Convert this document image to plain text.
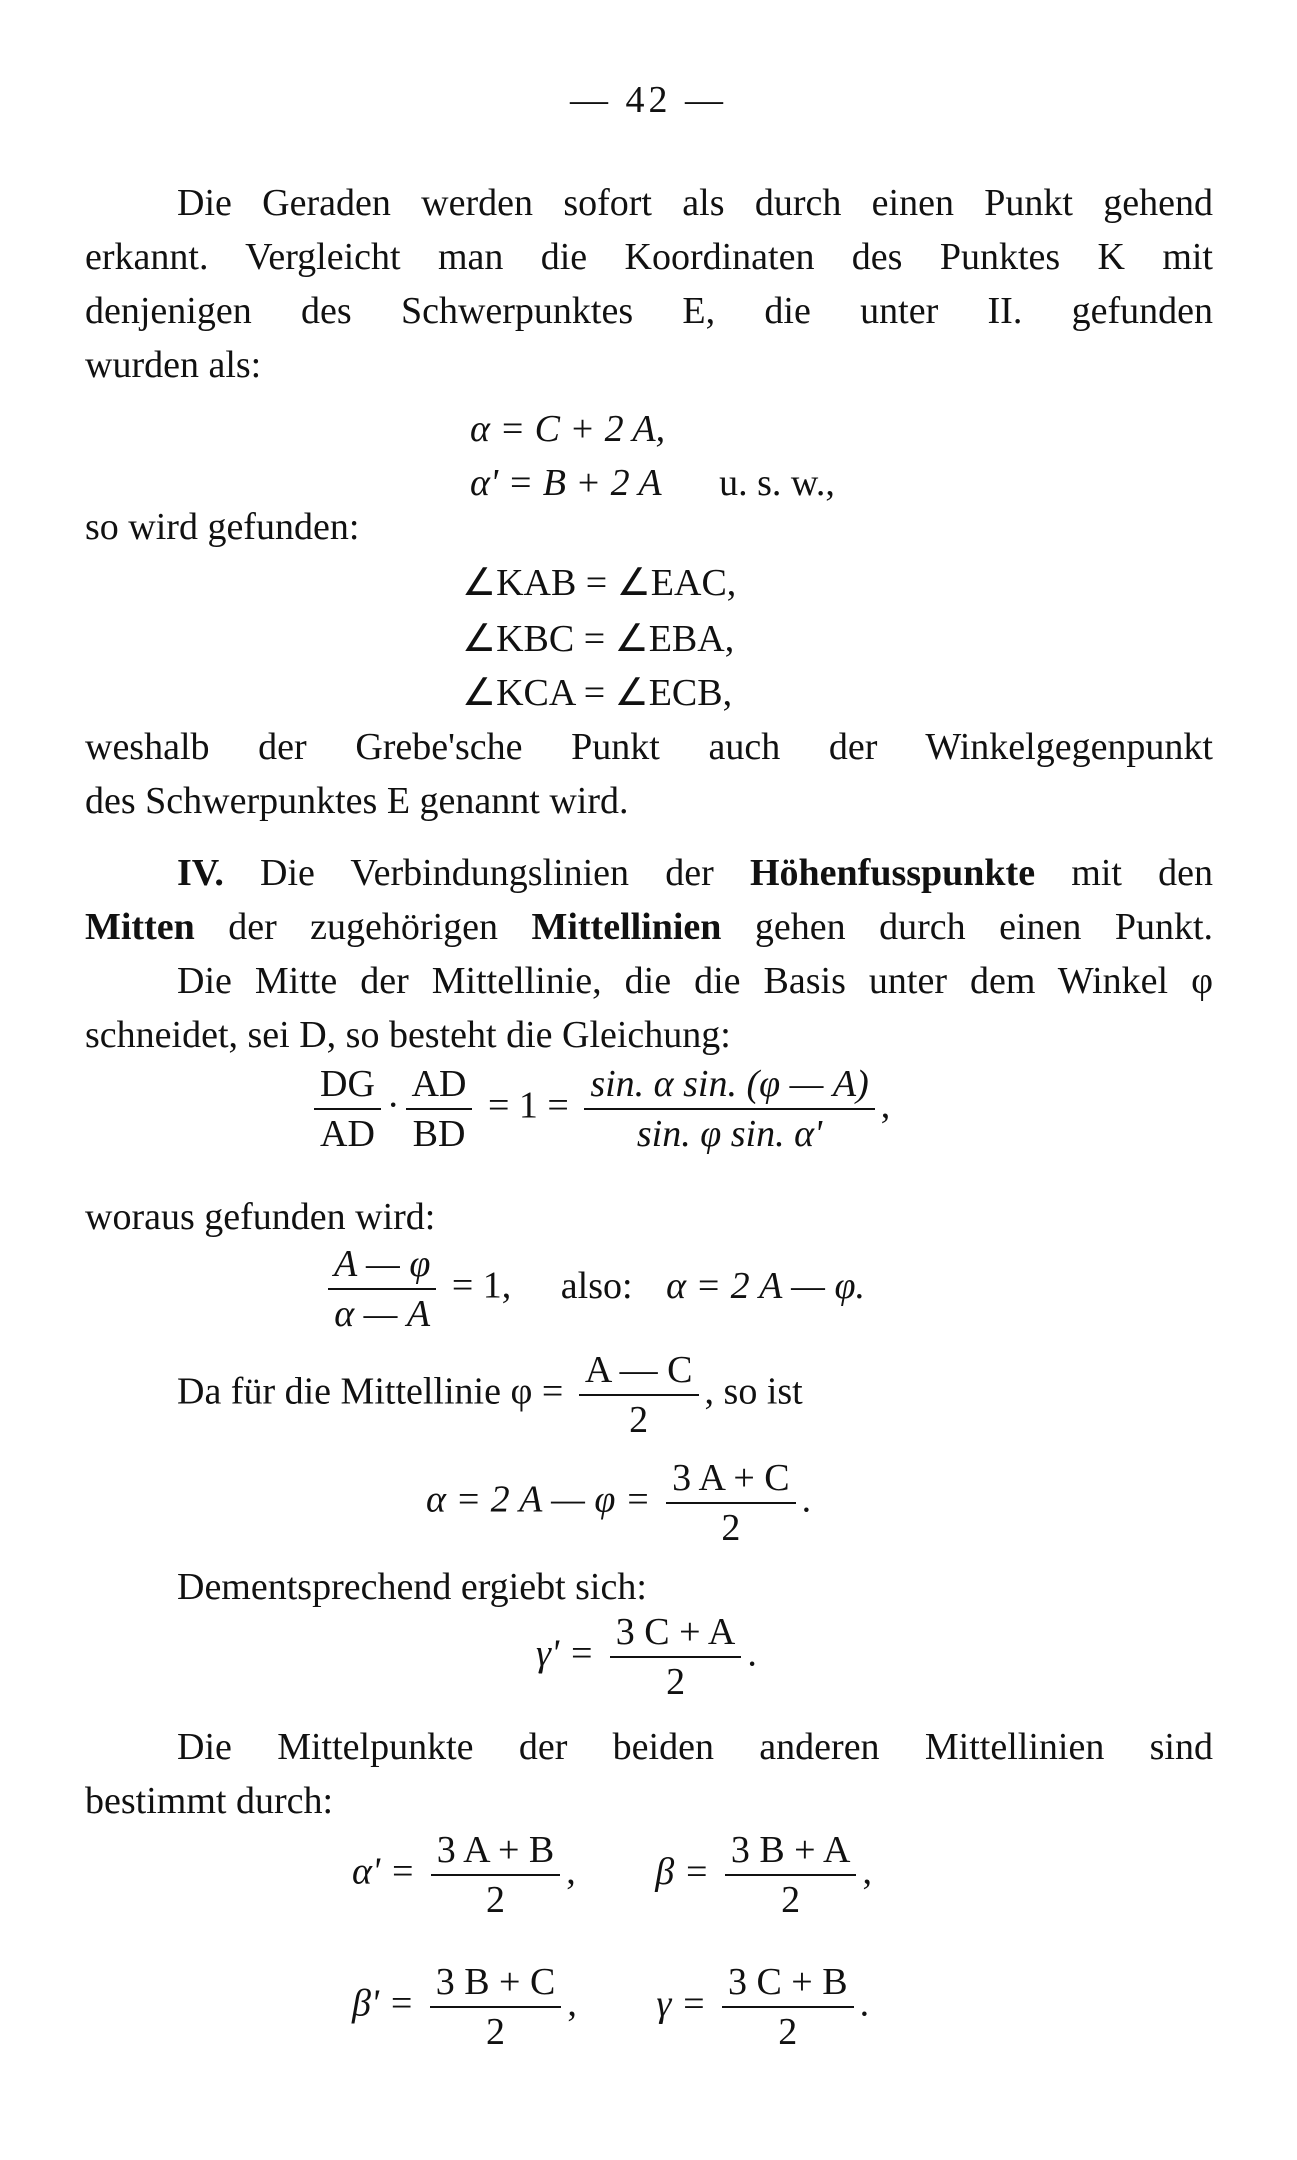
— 42 —
Die Geraden werden sofort als durch einen Punkt gehend
erkannt. Vergleicht man die Koordinaten des Punktes K mit
denjenigen des Schwerpunktes E, die unter II. gefunden
wurden als:
α = C + 2 A,
α' = B + 2 A u. s. w.,
so wird gefunden:
∠KAB = ∠EAC,
∠KBC = ∠EBA,
∠KCA = ∠ECB,
weshalb der Grebe'sche Punkt auch der Winkelgegenpunkt
des Schwerpunktes E genannt wird.
IV. Die Verbindungslinien der Höhenfusspunkte mit den
Mitten der zugehörigen Mittellinien gehen durch einen Punkt.
Die Mitte der Mittellinie, die die Basis unter dem Winkel φ
schneidet, sei D, so besteht die Gleichung:
$\frac{DG}{AD} \cdot \frac{AD}{BD} = 1 = \frac{\text{sin. α sin. (φ — A)}}{\text{sin. φ sin. α'}}$ ,
woraus gefunden wird:
$\frac{A — \varphi}{\alpha — A} = 1$, also: α = 2 A — φ.
Da für die Mittellinie $\varphi = \frac{A — C}{2}$ , so ist
α = 2 A — $\varphi = \frac{3 A + C}{2}$ .
Dementsprechend ergiebt sich:
$\gamma' = \frac{3 C + A}{2}$ .
Die Mittelpunkte der beiden anderen Mittellinien sind
bestimmt durch:
$\alpha' = \frac{3 A + B}{2}$ , $\beta = \frac{3 B + A}{2}$ ,
$\beta' = \frac{3 B + C}{2}$ , $\gamma = \frac{3 C + B}{2}$ .
